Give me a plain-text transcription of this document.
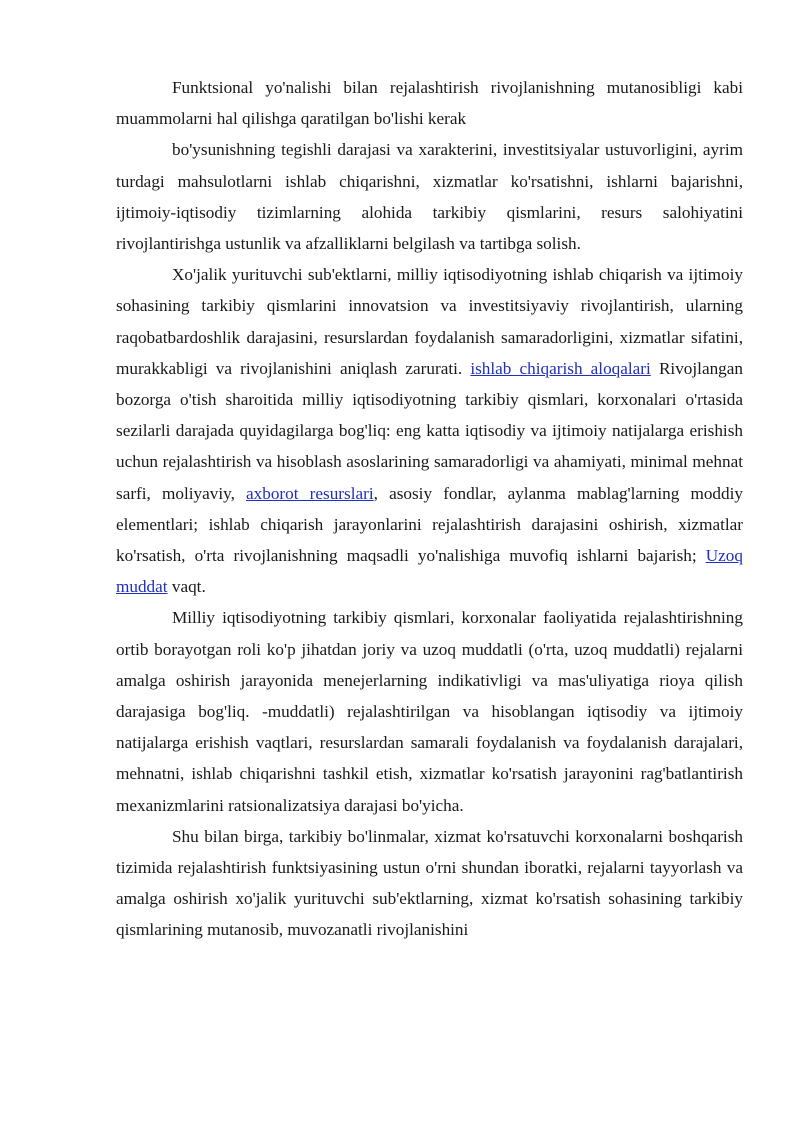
Funktsional yo'nalishi bilan rejalashtirish rivojlanishning mutanosibligi kabi muammolarni hal qilishga qaratilgan bo'lishi kerak

bo'ysunishning tegishli darajasi va xarakterini, investitsiyalar ustuvorligini, ayrim turdagi mahsulotlarni ishlab chiqarishni, xizmatlar ko'rsatishni, ishlarni bajarishni, ijtimoiy-iqtisodiy tizimlarning alohida tarkibiy qismlarini, resurs salohiyatini rivojlantirishga ustunlik va afzalliklarni belgilash va tartibga solish.

Xo'jalik yurituvchi sub'ektlarni, milliy iqtisodiyotning ishlab chiqarish va ijtimoiy sohasining tarkibiy qismlarini innovatsion va investitsiyaviy rivojlantirish, ularning raqobatbardoshlik darajasini, resurslardan foydalanish samaradorligini, xizmatlar sifatini, murakkabligi va rivojlanishini aniqlash zarurati. ishlab chiqarish aloqalari Rivojlangan bozorga o'tish sharoitida milliy iqtisodiyotning tarkibiy qismlari, korxonalari o'rtasida sezilarli darajada quyidagilarga bog'liq: eng katta iqtisodiy va ijtimoiy natijalarga erishish uchun rejalashtirish va hisoblash asoslarining samaradorligi va ahamiyati, minimal mehnat sarfi, moliyaviy, axborot resurslari, asosiy fondlar, aylanma mablag'larning moddiy elementlari; ishlab chiqarish jarayonlarini rejalashtirish darajasini oshirish, xizmatlar ko'rsatish, o'rta rivojlanishning maqsadli yo'nalishiga muvofiq ishlarni bajarish; Uzoq muddat vaqt.

Milliy iqtisodiyotning tarkibiy qismlari, korxonalar faoliyatida rejalashtirishning ortib borayotgan roli ko'p jihatdan joriy va uzoq muddatli (o'rta, uzoq muddatli) rejalarni amalga oshirish jarayonida menejerlarning indikativligi va mas'uliyatiga rioya qilish darajasiga bog'liq. -muddatli) rejalashtirilgan va hisoblangan iqtisodiy va ijtimoiy natijalarga erishish vaqtlari, resurslardan samarali foydalanish va foydalanish darajalari, mehnatni, ishlab chiqarishni tashkil etish, xizmatlar ko'rsatish jarayonini rag'batlantirish mexanizmlarini ratsionalizatsiya darajasi bo'yicha.

Shu bilan birga, tarkibiy bo'linmalar, xizmat ko'rsatuvchi korxonalarni boshqarish tizimida rejalashtirish funktsiyasining ustun o'rni shundan iboratki, rejalarni tayyorlash va amalga oshirish xo'jalik yurituvchi sub'ektlarning, xizmat ko'rsatish sohasining tarkibiy qismlarining mutanosib, muvozanatli rivojlanishini
